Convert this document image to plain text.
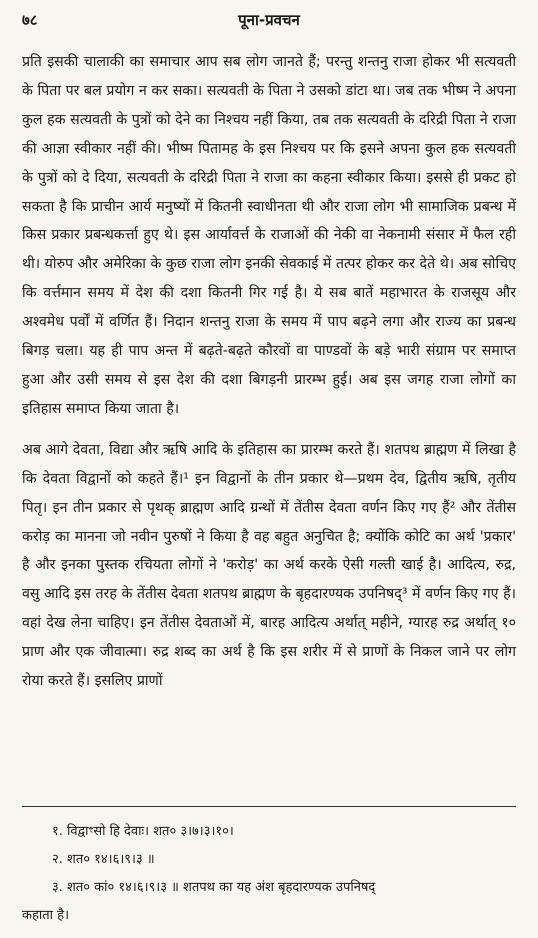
७८	पूना-प्रवचन

प्रति इसकी चालाकी का समाचार आप सब लोग जानते हैं; परन्तु शन्तनु राजा होकर भी सत्यवती के पिता पर बल प्रयोग न कर सका। सत्यवती के पिता ने उसको डांटा था। जब तक भीष्म ने अपना कुल हक सत्यवती के पुत्रों को देने का निश्चय नहीं किया, तब तक सत्यवती के दरिद्री पिता ने राजा की आज्ञा स्वीकार नहीं की। भीष्म पितामह के इस निश्चय पर कि इसने अपना कुल हक सत्यवती के पुत्रों को दे दिया, सत्यवती के दरिद्री पिता ने राजा का कहना स्वीकार किया। इससे ही प्रकट हो सकता है कि प्राचीन आर्य मनुष्यों में कितनी स्वाधीनता थी और राजा लोग भी सामाजिक प्रबन्ध में किस प्रकार प्रबन्धकर्त्ता हुए थे। इस आर्यावर्त्त के राजाओं की नेकी वा नेकनामी संसार में फैल रही थी। योरुप और अमेरिका के कुछ राजा लोग इनकी सेवकाई में तत्पर होकर कर देते थे। अब सोचिए कि वर्त्तमान समय में देश की दशा कितनी गिर गई है। ये सब बातें महाभारत के राजसूय और अश्वमेध पर्वों में वर्णित हैं। निदान शन्तनु राजा के समय में पाप बढ़ने लगा और राज्य का प्रबन्ध बिगड़ चला। यह ही पाप अन्त में बढ़ते-बढ़ते कौरवों वा पाण्डवों के बड़े भारी संग्राम पर समाप्त हुआ और उसी समय से इस देश की दशा बिगड़नी प्रारम्भ हुई। अब इस जगह राजा लोगों का इतिहास समाप्त किया जाता है।

अब आगे देवता, विद्या और ऋषि आदि के इतिहास का प्रारम्भ करते हैं। शतपथ ब्राह्मण में लिखा है कि देवता विद्वानों को कहते हैं।¹ इन विद्वानों के तीन प्रकार थे—प्रथम देव, द्वितीय ऋषि, तृतीय पितृ। इन तीन प्रकार से पृथक् ब्राह्मण आदि ग्रन्थों में तेंतीस देवता वर्णन किए गए हैं² और तेंतीस करोड़ का मानना जो नवीन पुरुषों ने किया है वह बहुत अनुचित है; क्योंकि कोटि का अर्थ 'प्रकार' है और इनका पुस्तक रचियता लोगों ने 'करोड़' का अर्थ करके ऐसी गल्ती खाई है। आदित्य, रुद्र, वसु आदि इस तरह के तेंतीस देवता शतपथ ब्राह्मण के बृहदारण्यक उपनिषद्³ में वर्णन किए गए हैं। वहां देख लेना चाहिए। इन तेंतीस देवताओं में, बारह आदित्य अर्थात् महीने, ग्यारह रुद्र अर्थात् १० प्राण और एक जीवात्मा। रुद्र शब्द का अर्थ है कि इस शरीर में से प्राणों के निकल जाने पर लोग रोया करते हैं। इसलिए प्राणों

१. विद्वाꣳसो हि देवाः। शत० ३।७।३।१०।

२. शत० १४।६।९।३ ॥

३. शत० कां० १४।६।९।३ ॥ शतपथ का यह अंश बृहदारण्यक उपनिषद्

कहाता है।
